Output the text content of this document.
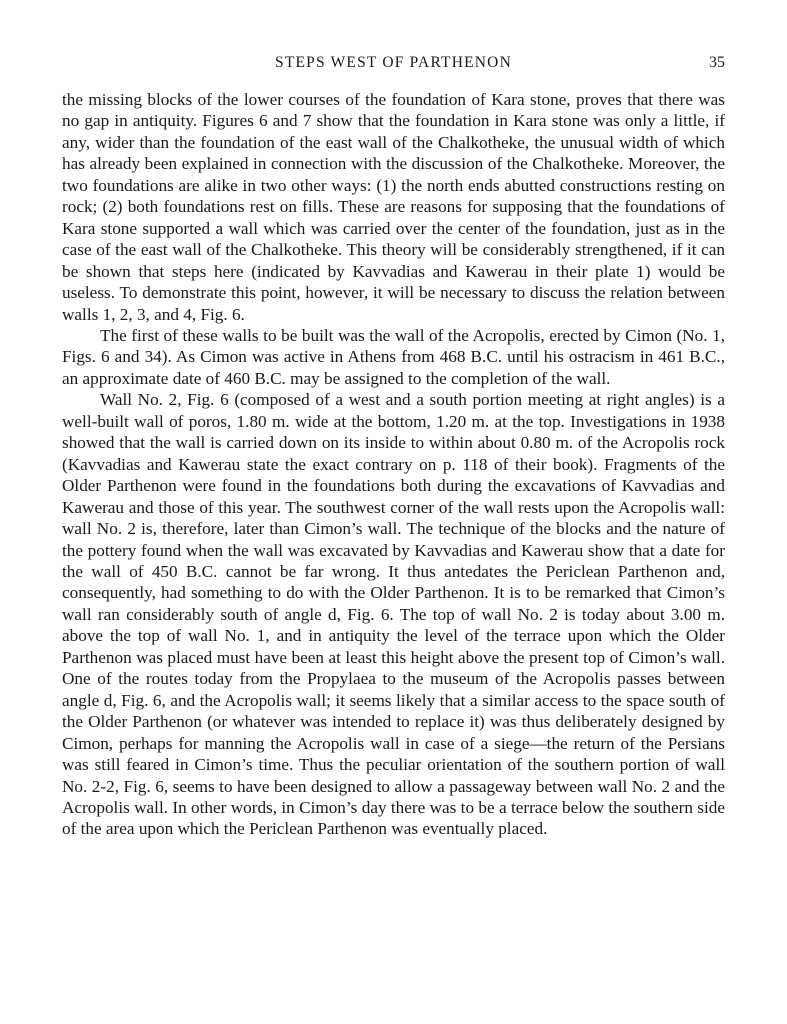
STEPS WEST OF PARTHENON	35

the missing blocks of the lower courses of the foundation of Kara stone, proves that there was no gap in antiquity. Figures 6 and 7 show that the foundation in Kara stone was only a little, if any, wider than the foundation of the east wall of the Chalkotheke, the unusual width of which has already been explained in connection with the discussion of the Chalkotheke. Moreover, the two foundations are alike in two other ways: (1) the north ends abutted constructions resting on rock; (2) both foundations rest on fills. These are reasons for supposing that the foundations of Kara stone supported a wall which was carried over the center of the foundation, just as in the case of the east wall of the Chalkotheke. This theory will be considerably strengthened, if it can be shown that steps here (indicated by Kavvadias and Kawerau in their plate 1) would be useless. To demonstrate this point, however, it will be necessary to discuss the relation between walls 1, 2, 3, and 4, Fig. 6.

The first of these walls to be built was the wall of the Acropolis, erected by Cimon (No. 1, Figs. 6 and 34). As Cimon was active in Athens from 468 B.C. until his ostracism in 461 B.C., an approximate date of 460 B.C. may be assigned to the completion of the wall.

Wall No. 2, Fig. 6 (composed of a west and a south portion meeting at right angles) is a well-built wall of poros, 1.80 m. wide at the bottom, 1.20 m. at the top. Investigations in 1938 showed that the wall is carried down on its inside to within about 0.80 m. of the Acropolis rock (Kavvadias and Kawerau state the exact contrary on p. 118 of their book). Fragments of the Older Parthenon were found in the foundations both during the excavations of Kavvadias and Kawerau and those of this year. The southwest corner of the wall rests upon the Acropolis wall: wall No. 2 is, therefore, later than Cimon’s wall. The technique of the blocks and the nature of the pottery found when the wall was excavated by Kavvadias and Kawerau show that a date for the wall of 450 B.C. cannot be far wrong. It thus antedates the Periclean Parthenon and, consequently, had something to do with the Older Parthenon. It is to be remarked that Cimon’s wall ran considerably south of angle d, Fig. 6. The top of wall No. 2 is today about 3.00 m. above the top of wall No. 1, and in antiquity the level of the terrace upon which the Older Parthenon was placed must have been at least this height above the present top of Cimon’s wall. One of the routes today from the Propylaea to the museum of the Acropolis passes between angle d, Fig. 6, and the Acropolis wall; it seems likely that a similar access to the space south of the Older Parthenon (or whatever was intended to replace it) was thus deliberately designed by Cimon, perhaps for manning the Acropolis wall in case of a siege—the return of the Persians was still feared in Cimon’s time. Thus the peculiar orientation of the southern portion of wall No. 2-2, Fig. 6, seems to have been designed to allow a passageway between wall No. 2 and the Acropolis wall. In other words, in Cimon’s day there was to be a terrace below the southern side of the area upon which the Periclean Parthenon was eventually placed.
